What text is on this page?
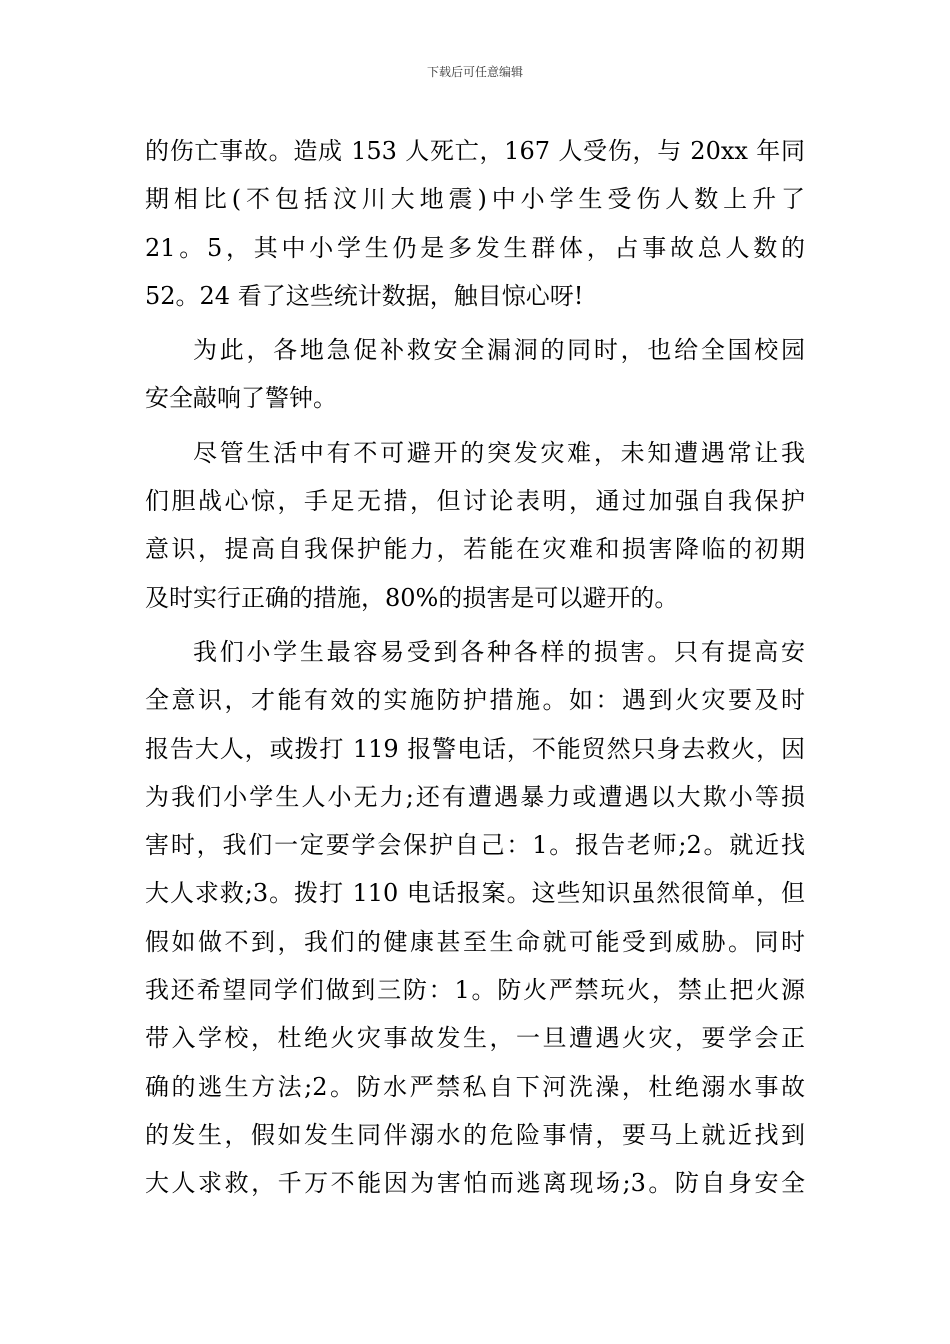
下载后可任意编辑
的伤亡事故。造成 153 人死亡，167 人受伤，与 20xx 年同
期相比(不包括汶川大地震)中小学生受伤人数上升了
21。5，其中小学生仍是多发生群体，占事故总人数的
52。24 看了这些统计数据，触目惊心呀!
为此，各地急促补救安全漏洞的同时，也给全国校园
安全敲响了警钟。
尽管生活中有不可避开的突发灾难，未知遭遇常让我
们胆战心惊，手足无措，但讨论表明，通过加强自我保护
意识，提高自我保护能力，若能在灾难和损害降临的初期
及时实行正确的措施，80%的损害是可以避开的。
我们小学生最容易受到各种各样的损害。只有提高安
全意识，才能有效的实施防护措施。如：遇到火灾要及时
报告大人，或拨打 119 报警电话，不能贸然只身去救火，因
为我们小学生人小无力;还有遭遇暴力或遭遇以大欺小等损
害时，我们一定要学会保护自己：1。报告老师;2。就近找
大人求救;3。拨打 110 电话报案。这些知识虽然很简单，但
假如做不到，我们的健康甚至生命就可能受到威胁。同时
我还希望同学们做到三防：1。防火严禁玩火，禁止把火源
带入学校，杜绝火灾事故发生，一旦遭遇火灾，要学会正
确的逃生方法;2。防水严禁私自下河洗澡，杜绝溺水事故
的发生，假如发生同伴溺水的危险事情，要马上就近找到
大人求救，千万不能因为害怕而逃离现场;3。防自身安全
